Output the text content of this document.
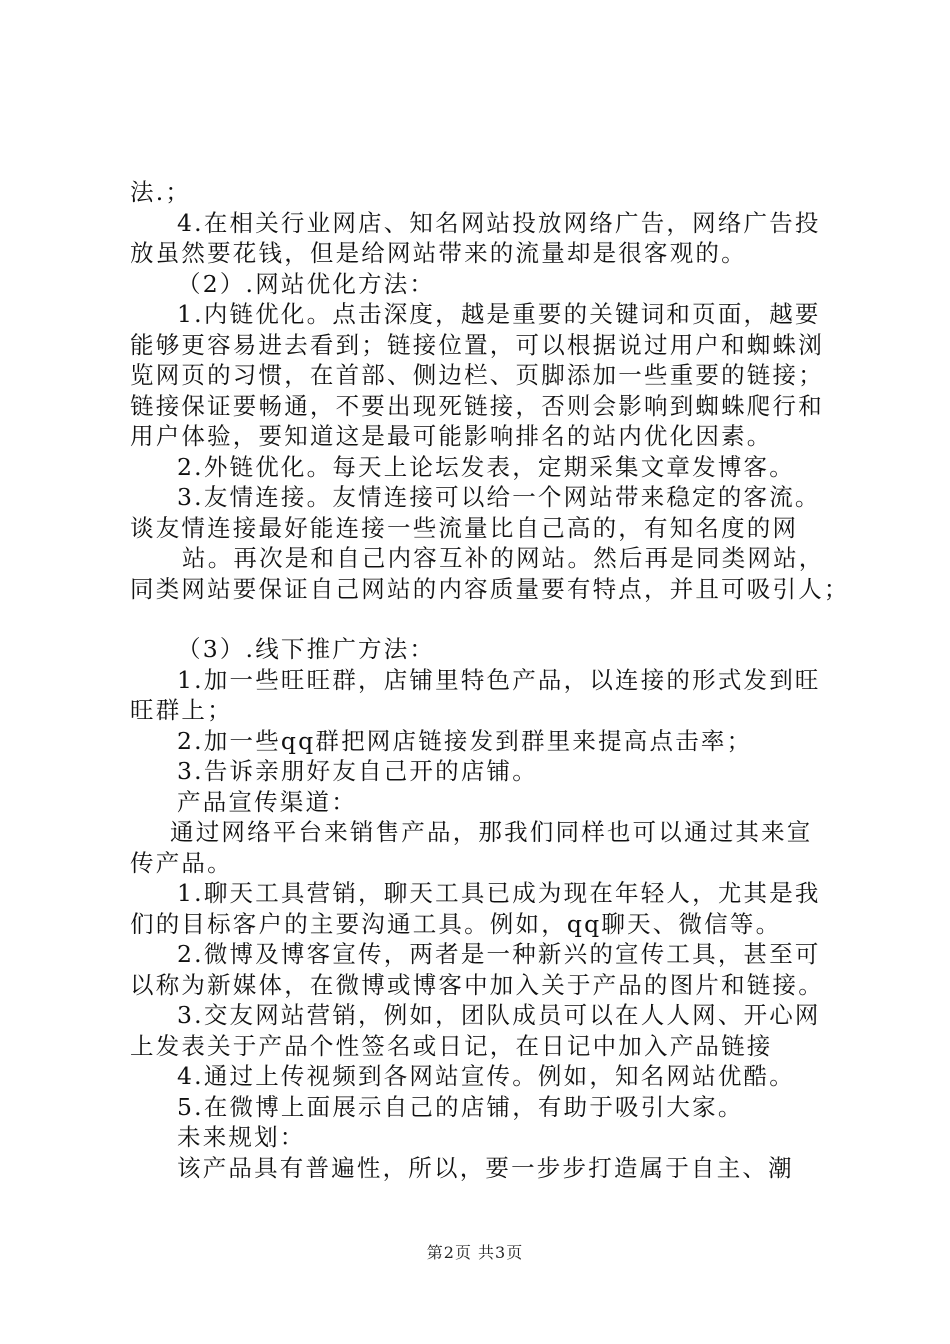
法.；
4.在相关行业网店、知名网站投放网络广告，网络广告投
放虽然要花钱，但是给网站带来的流量却是很客观的。
（2）.网站优化方法：
1.内链优化。点击深度，越是重要的关键词和页面，越要
能够更容易进去看到；链接位置，可以根据说过用户和蜘蛛浏
览网页的习惯，在首部、侧边栏、页脚添加一些重要的链接；
链接保证要畅通，不要出现死链接，否则会影响到蜘蛛爬行和
用户体验，要知道这是最可能影响排名的站内优化因素。
2.外链优化。每天上论坛发表，定期采集文章发博客。
3.友情连接。友情连接可以给一个网站带来稳定的客流。
谈友情连接最好能连接一些流量比自己高的，有知名度的网
站。再次是和自己内容互补的网站。然后再是同类网站，
同类网站要保证自己网站的内容质量要有特点，并且可吸引人；
（3）.线下推广方法：
1.加一些旺旺群，店铺里特色产品，以连接的形式发到旺
旺群上；
2.加一些qq群把网店链接发到群里来提高点击率；
3.告诉亲朋好友自己开的店铺。
产品宣传渠道：
通过网络平台来销售产品，那我们同样也可以通过其来宣
传产品。
1.聊天工具营销，聊天工具已成为现在年轻人，尤其是我
们的目标客户的主要沟通工具。例如，qq聊天、微信等。
2.微博及博客宣传，两者是一种新兴的宣传工具，甚至可
以称为新媒体，在微博或博客中加入关于产品的图片和链接。
3.交友网站营销，例如，团队成员可以在人人网、开心网
上发表关于产品个性签名或日记，在日记中加入产品链接
4.通过上传视频到各网站宣传。例如，知名网站优酷。
5.在微博上面展示自己的店铺，有助于吸引大家。
未来规划：
该产品具有普遍性，所以，要一步步打造属于自主、潮
第2页 共3页
